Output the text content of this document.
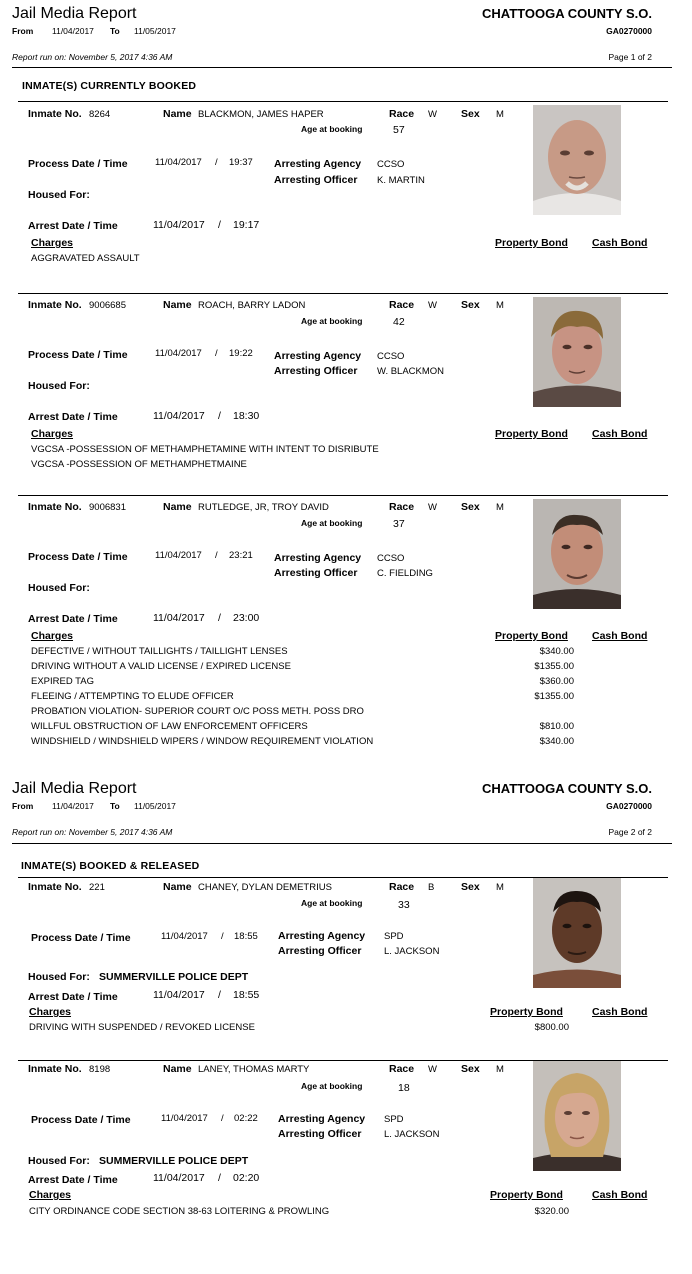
Jail Media Report	CHATTOOGA COUNTY S.O.
From 11/04/2017 To 11/05/2017	GA0270000
Report run on: November 5, 2017 4:36 AM	Page 1 of 2
INMATE(S) CURRENTLY BOOKED
Inmate No. 8264	Name BLACKMON, JAMES HAPER	Race W Sex M
Age at booking	57
Process Date / Time	11/04/2017 / 19:37 Arresting Agency CCSO
Arresting Officer K. MARTIN
Housed For:
Arrest Date / Time	11/04/2017 / 19:17
Charges	Property Bond Cash Bond
AGGRAVATED ASSAULT
Inmate No. 9006685	Name ROACH, BARRY LADON	Race W Sex M
Age at booking	42
Process Date / Time	11/04/2017 / 19:22 Arresting Agency CCSO
Arresting Officer W. BLACKMON
Housed For:
Arrest Date / Time	11/04/2017 / 18:30
Charges	Property Bond Cash Bond
VGCSA -POSSESSION OF METHAMPHETAMINE WITH INTENT TO DISRIBUTE
VGCSA -POSSESSION OF METHAMPHETMAINE
Inmate No. 9006831	Name RUTLEDGE, JR, TROY DAVID	Race W Sex M
Age at booking	37
Process Date / Time	11/04/2017 / 23:21 Arresting Agency CCSO
Arresting Officer C. FIELDING
Housed For:
Arrest Date / Time	11/04/2017 / 23:00
Charges	Property Bond Cash Bond
DEFECTIVE / WITHOUT TAILLIGHTS / TAILLIGHT LENSES	$340.00
DRIVING WITHOUT A VALID LICENSE / EXPIRED LICENSE	$1355.00
EXPIRED TAG	$360.00
FLEEING / ATTEMPTING TO ELUDE OFFICER	$1355.00
PROBATION VIOLATION- SUPERIOR COURT O/C POSS METH. POSS DRO
WILLFUL OBSTRUCTION OF LAW ENFORCEMENT OFFICERS	$810.00
WINDSHIELD / WINDSHIELD WIPERS / WINDOW REQUIREMENT VIOLATION	$340.00
Jail Media Report	CHATTOOGA COUNTY S.O.
From 11/04/2017 To 11/05/2017	GA0270000
Report run on: November 5, 2017 4:36 AM	Page 2 of 2
INMATE(S) BOOKED & RELEASED
Inmate No. 221	Name CHANEY, DYLAN DEMETRIUS	Race B	Sex M
Age at booking	33
Process Date / Time	11/04/2017 / 18:55 Arresting Agency SPD
Arresting Officer L. JACKSON
Housed For: SUMMERVILLE POLICE DEPT
Arrest Date / Time	11/04/2017 / 18:55
Charges	Property Bond	Cash Bond
DRIVING WITH SUSPENDED / REVOKED LICENSE	$800.00
Inmate No. 8198	Name LANEY, THOMAS MARTY	Race W Sex M
Age at booking	18
Process Date / Time	11/04/2017 / 02:22 Arresting Agency SPD
Arresting Officer L. JACKSON
Housed For: SUMMERVILLE POLICE DEPT
Arrest Date / Time	11/04/2017 / 02:20
Charges	Property Bond	Cash Bond
CITY ORDINANCE CODE SECTION 38-63 LOITERING & PROWLING	$320.00
